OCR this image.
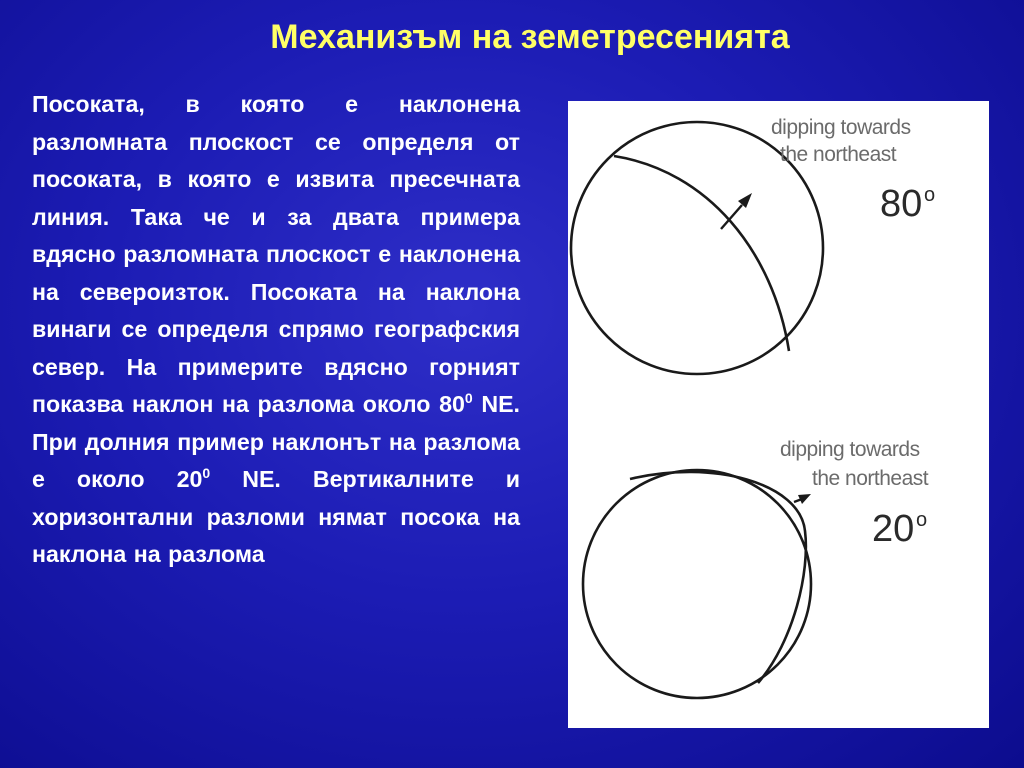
Механизъм на земетресенията
Посоката, в която е наклонена разломната плоскост се определя от посоката, в която е извита пресечната линия. Така че и за двата примера вдясно разломната плоскост е наклонена на североизток. Посоката на наклона винаги се определя спрямо географския север. На примерите вдясно горният показва наклон на разлома около $80^0$ NE. При долния пример наклонът на разлома е около $20^0$ NE. Вертикалните и хоризонтални разломи нямат посока на наклона на разлома
dipping towards
the northeast
80 o
dipping towards
the northeast
20 o
